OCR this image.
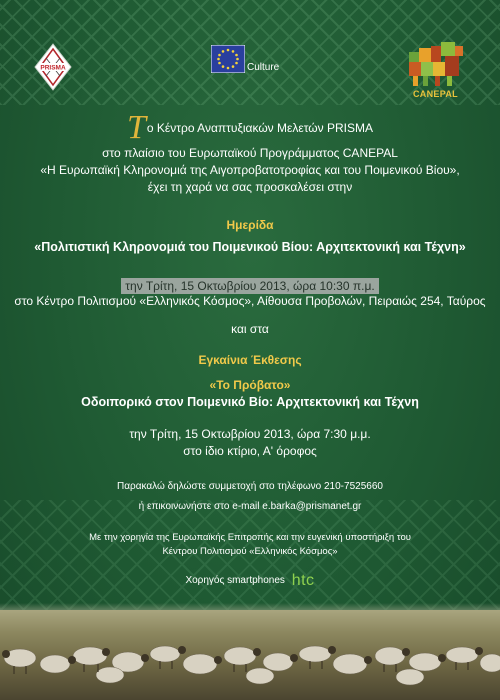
PRISMA	Culture
CANEPAL
Το Κέντρο Αναπτυξιακών Μελετών PRISMA
στο πλαίσιο του Ευρωπαϊκού Προγράμματος CANEPAL
«Η Ευρωπαϊκή Κληρονομιά της Αιγοπροβατοτροφίας και του Ποιμενικού Βίου»,
έχει τη χαρά να σας προσκαλέσει στην
Ημερίδα
«Πολιτιστική Κληρονομιά του Ποιμενικού Βίου: Αρχιτεκτονική και Τέχνη»
την Τρίτη, 15 Οκτωβρίου 2013, ώρα 10:30 π.μ.
στο Κέντρο Πολιτισμού «Ελληνικός Κόσμος», Αίθουσα Προβολών, Πειραιώς 254, Ταύρος
και στα
Εγκαίνια Έκθεσης
«Το Πρόβατο»
Οδοιπορικό στον Ποιμενικό Βίο: Αρχιτεκτονική και Τέχνη
την Τρίτη, 15 Οκτωβρίου 2013, ώρα 7:30 μ.μ.
στο ίδιο κτίριο, Α' όροφος
Παρακαλώ δηλώστε συμμετοχή στο τηλέφωνο 210-7525660
ή επικοινωνήστε στο e-mail e.barka@prismanet.gr
Με την χορηγία της Ευρωπαϊκής Επιτροπής και την ευγενική υποστήριξη του
Κέντρου Πολιτισμού «Ελληνικός Κόσμος»
Χορηγός smartphones htc
